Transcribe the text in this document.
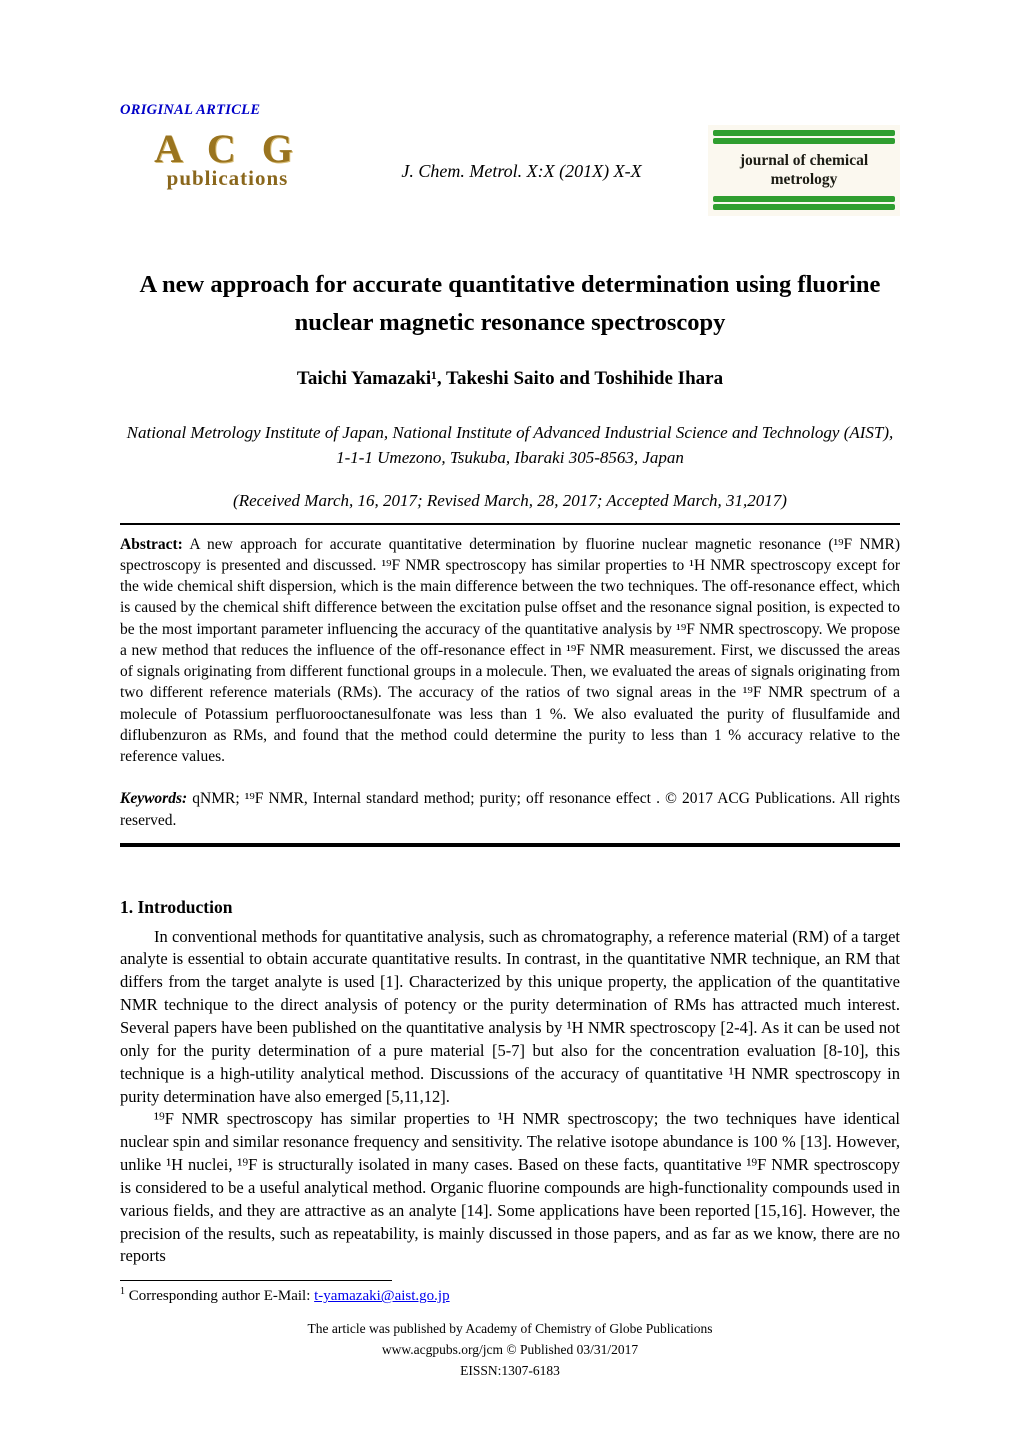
ORIGINAL ARTICLE
A C G
publications	J. Chem. Metrol. X:X (201X) X-X
journal of chemical
metrology
A new approach for accurate quantitative determination using fluorine nuclear magnetic resonance spectroscopy
Taichi Yamazaki¹, Takeshi Saito and Toshihide Ihara
National Metrology Institute of Japan, National Institute of Advanced Industrial Science and Technology (AIST), 1-1-1 Umezono, Tsukuba, Ibaraki 305-8563, Japan
(Received March, 16, 2017; Revised March, 28, 2017; Accepted March, 31,2017)

Abstract: A new approach for accurate quantitative determination by fluorine nuclear magnetic resonance (¹⁹F NMR) spectroscopy is presented and discussed. ¹⁹F NMR spectroscopy has similar properties to ¹H NMR spectroscopy except for the wide chemical shift dispersion, which is the main difference between the two techniques. The off-resonance effect, which is caused by the chemical shift difference between the excitation pulse offset and the resonance signal position, is expected to be the most important parameter influencing the accuracy of the quantitative analysis by ¹⁹F NMR spectroscopy. We propose a new method that reduces the influence of the off-resonance effect in ¹⁹F NMR measurement. First, we discussed the areas of signals originating from different functional groups in a molecule. Then, we evaluated the areas of signals originating from two different reference materials (RMs). The accuracy of the ratios of two signal areas in the ¹⁹F NMR spectrum of a molecule of Potassium perfluorooctanesulfonate was less than 1 %. We also evaluated the purity of flusulfamide and diflubenzuron as RMs, and found that the method could determine the purity to less than 1 % accuracy relative to the reference values.

Keywords: qNMR; ¹⁹F NMR, Internal standard method; purity; off resonance effect . © 2017 ACG Publications. All rights reserved.

1. Introduction

In conventional methods for quantitative analysis, such as chromatography, a reference material (RM) of a target analyte is essential to obtain accurate quantitative results. In contrast, in the quantitative NMR technique, an RM that differs from the target analyte is used [1]. Characterized by this unique property, the application of the quantitative NMR technique to the direct analysis of potency or the purity determination of RMs has attracted much interest. Several papers have been published on the quantitative analysis by ¹H NMR spectroscopy [2-4]. As it can be used not only for the purity determination of a pure material [5-7] but also for the concentration evaluation [8-10], this technique is a high-utility analytical method. Discussions of the accuracy of quantitative ¹H NMR spectroscopy in purity determination have also emerged [5,11,12].

¹⁹F NMR spectroscopy has similar properties to ¹H NMR spectroscopy; the two techniques have identical nuclear spin and similar resonance frequency and sensitivity. The relative isotope abundance is 100 % [13]. However, unlike ¹H nuclei, ¹⁹F is structurally isolated in many cases. Based on these facts, quantitative ¹⁹F NMR spectroscopy is considered to be a useful analytical method. Organic fluorine compounds are high-functionality compounds used in various fields, and they are attractive as an analyte [14]. Some applications have been reported [15,16]. However, the precision of the results, such as repeatability, is mainly discussed in those papers, and as far as we know, there are no reports

$^1$ Corresponding author E-Mail: t-yamazaki@aist.go.jp
The article was published by Academy of Chemistry of Globe Publications
www.acgpubs.org/jcm © Published 03/31/2017
EISSN:1307-6183
